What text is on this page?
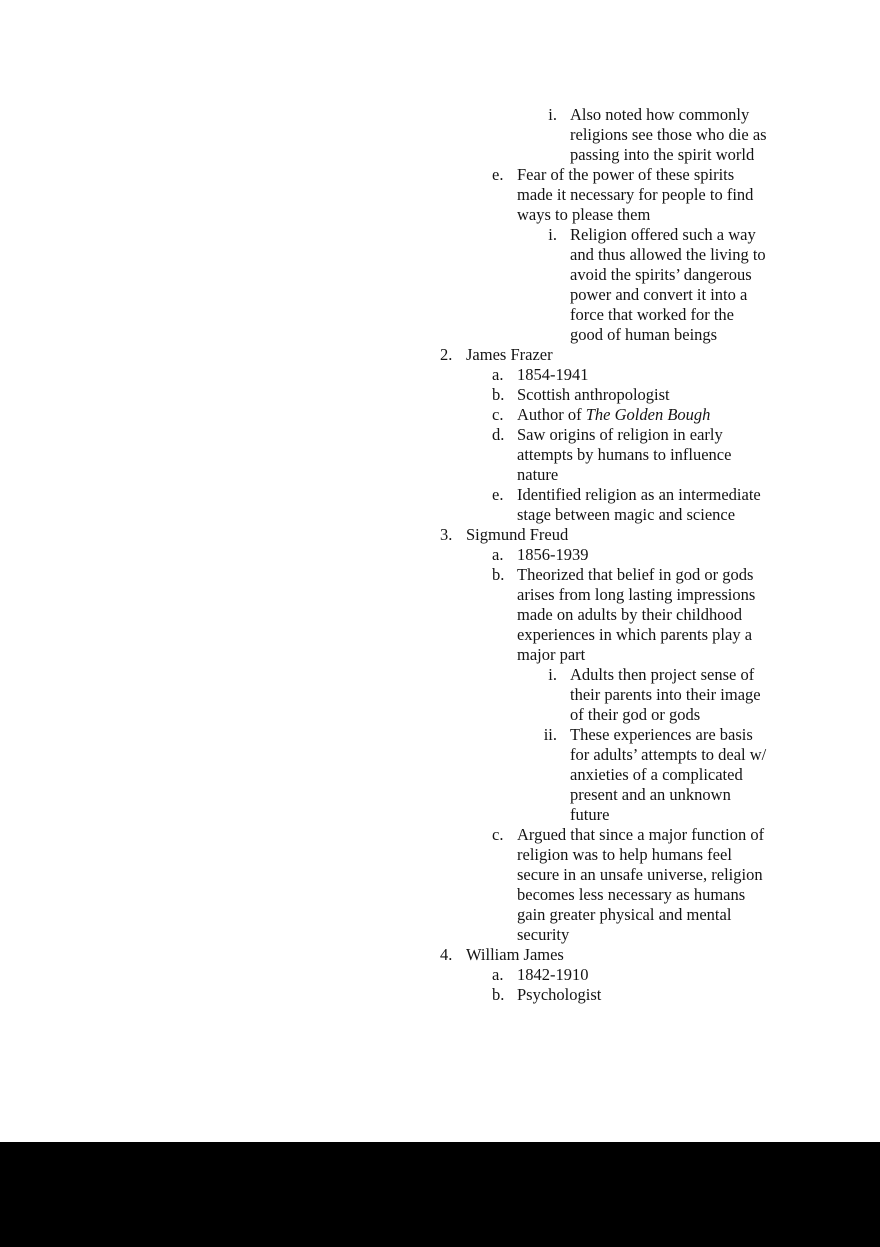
i. Also noted how commonly
religions see those who die as
passing into the spirit world
e. Fear of the power of these spirits
made it necessary for people to find
ways to please them
i. Religion offered such a way
and thus allowed the living to
avoid the spirits’ dangerous
power and convert it into a
force that worked for the
good of human beings
2. James Frazer
a. 1854-1941
b. Scottish anthropologist
c. Author of The Golden Bough
d. Saw origins of religion in early
attempts by humans to influence
nature
e. Identified religion as an intermediate
stage between magic and science
3. Sigmund Freud
a. 1856-1939
b. Theorized that belief in god or gods
arises from long lasting impressions
made on adults by their childhood
experiences in which parents play a
major part
i. Adults then project sense of
their parents into their image
of their god or gods
ii. These experiences are basis
for adults’ attempts to deal w/
anxieties of a complicated
present and an unknown
future
c. Argued that since a major function of
religion was to help humans feel
secure in an unsafe universe, religion
becomes less necessary as humans
gain greater physical and mental
security
4. William James
a. 1842-1910
b. Psychologist
